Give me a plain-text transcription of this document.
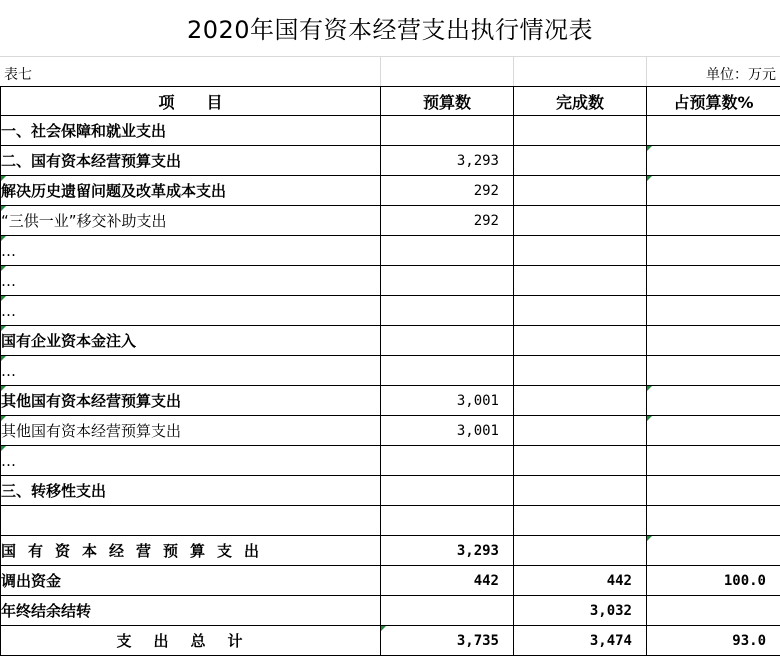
2020年国有资本经营支出执行情况表
表七	单位：万元
项　　目	预算数	完成数	占预算数%
一、社会保障和就业支出			
二、国有资本经营预算支出	3,293		
解决历史遗留问题及改革成本支出	292		
“三供一业”移交补助支出	292		
…			
…			
…			
国有企业资本金注入			
…			
其他国有资本经营预算支出	3,001		
其他国有资本经营预算支出	3,001		
…			
三、转移性支出			

国有资本经营预算支出	3,293		
调出资金	442	442	100.0
年终结余结转		3,032	
支出总计	3,735	3,474	93.0
